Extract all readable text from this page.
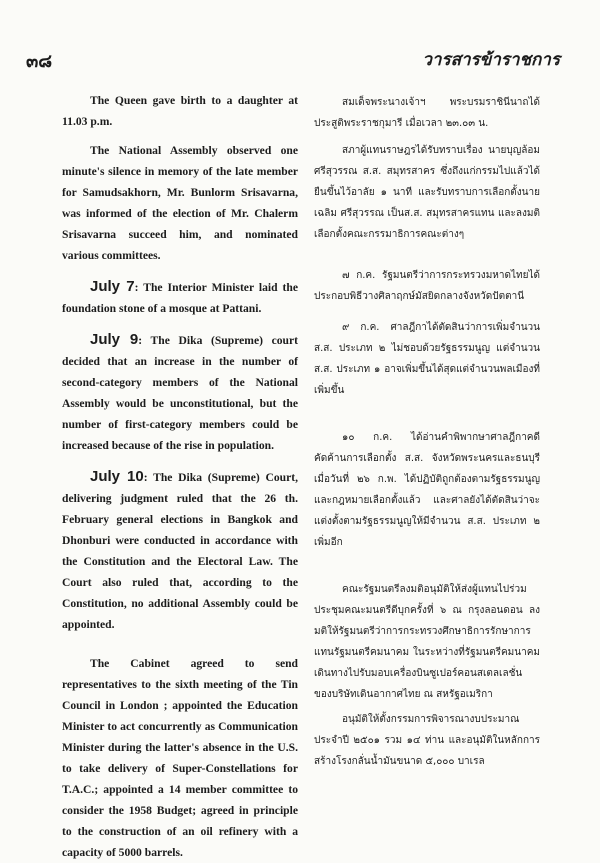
๓๘	วารสารข้าราชการ

The Queen gave birth to a daughter at 11.03 p.m.

The National Assembly observed one minute's silence in memory of the late member for Samudsakhorn, Mr. Bunlorm Srisavarna, was informed of the election of Mr. Chalerm Srisavarna succeed him, and nominated various committees.

July 7: The Interior Minister laid the foundation stone of a mosque at Pattani.

July 9: The Dika (Supreme) court decided that an increase in the number of second-category members of the National Assembly would be unconstitutional, but the number of first-category members could be increased because of the rise in population.

July 10: The Dika (Supreme) Court, delivering judgment ruled that the 26 th. February general elections in Bangkok and Dhonburi were conducted in accordance with the Constitution and the Electoral Law. The Court also ruled that, according to the Constitution, no additional Assembly could be appointed.

The Cabinet agreed to send representatives to the sixth meeting of the Tin Council in London ; appointed the Education Minister to act concurrently as Communication Minister during the latter's absence in the U.S. to take delivery of Super-Constellations for T.A.C.; appointed a 14 member committee to consider the 1958 Budget; agreed in principle to the construction of an oil refinery with a capacity of 5000 barrels.

สมเด็จพระนางเจ้าฯ พระบรมราชินีนาถได้ประสูติพระราชกุมารี เมื่อเวลา ๒๓.๐๓ น.

สภาผู้แทนราษฎรได้รับทราบเรื่อง นายบุญล้อม ศรีสุวรรณ ส.ส. สมุทรสาคร ซึ่งถึงแก่กรรมไปแล้วได้ยืนขึ้นไว้อาลัย ๑ นาที และรับทราบการเลือกตั้งนายเฉลิม ศรีสุวรรณ เป็นส.ส. สมุทรสาครแทน และลงมติเลือกตั้งคณะกรรมาธิการคณะต่างๆ

๗ ก.ค. รัฐมนตรีว่าการกระทรวงมหาดไทยได้ประกอบพิธีวางศิลาฤกษ์มัสยิดกลางจังหวัดปัตตานี

๙ ก.ค. ศาลฎีกาได้ตัดสินว่าการเพิ่มจำนวน ส.ส. ประเภท ๒ ไม่ชอบด้วยรัฐธรรมนูญ แต่จำนวน ส.ส. ประเภท ๑ อาจเพิ่มขึ้นได้สุดแต่จำนวนพลเมืองที่เพิ่มขึ้น

๑๐ ก.ค. ได้อ่านคำพิพากษาศาลฎีกาคดีคัดค้านการเลือกตั้ง ส.ส. จังหวัดพระนครและธนบุรีเมื่อวันที่ ๒๖ ก.พ. ได้ปฏิบัติถูกต้องตามรัฐธรรมนูญและกฎหมายเลือกตั้งแล้ว และศาลยังได้ตัดสินว่าจะแต่งตั้งตามรัฐธรรมนูญให้มีจำนวน ส.ส. ประเภท ๒ เพิ่มอีก

คณะรัฐมนตรีลงมติอนุมัติให้ส่งผู้แทนไปร่วมประชุมคณะมนตรีดีบุกครั้งที่ ๖ ณ กรุงลอนดอน ลงมติให้รัฐมนตรีว่าการกระทรวงศึกษาธิการรักษาการแทนรัฐมนตรีคมนาคม ในระหว่างที่รัฐมนตรีคมนาคมเดินทางไปรับมอบเครื่องบินซูเปอร์คอนสเตลเลชั่น ของบริษัทเดินอากาศไทย ณ สหรัฐอเมริกา

อนุมัติให้ตั้งกรรมการพิจารณางบประมาณ ประจำปี ๒๕๐๑ รวม ๑๔ ท่าน และอนุมัติในหลักการสร้างโรงกลั่นน้ำมันขนาด ๕,๐๐๐ บาเรล
